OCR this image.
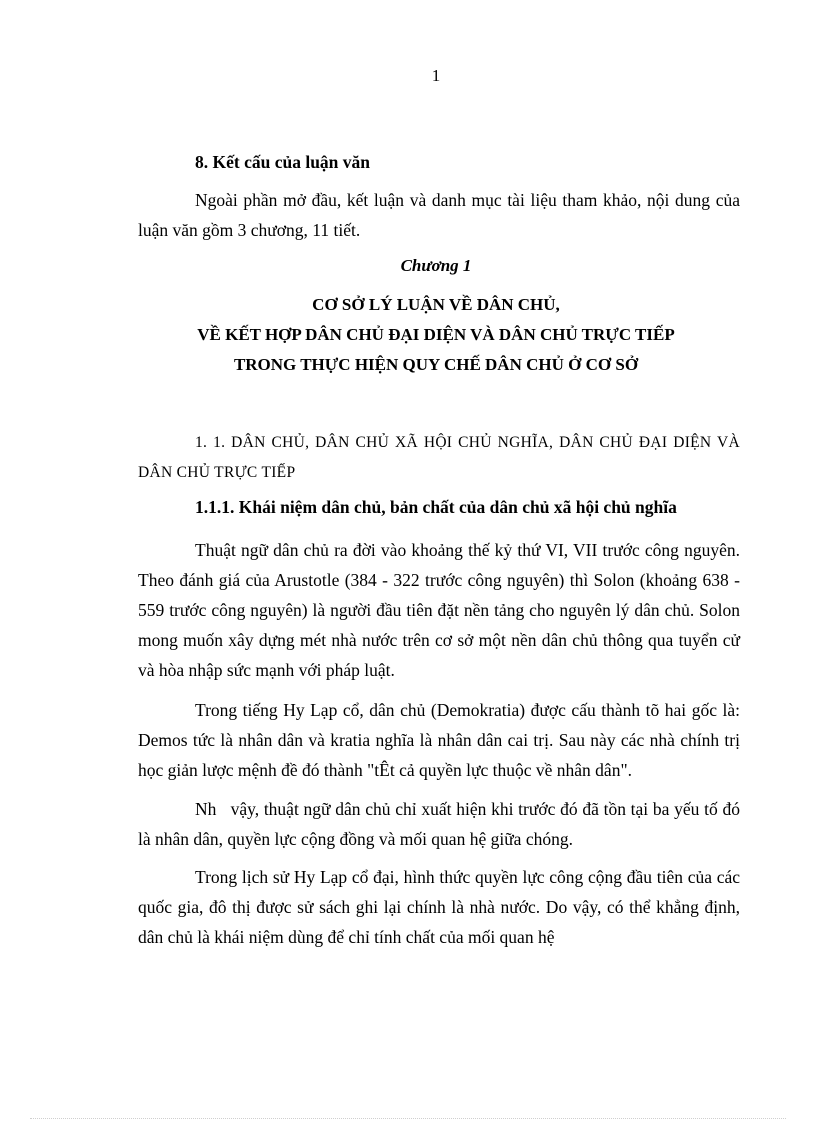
1
8. Kết cấu của luận văn
Ngoài phần mở đầu, kết luận và danh mục tài liệu tham khảo, nội dung của luận văn gồm 3 chương, 11 tiết.
Chương 1
CƠ SỞ LÝ LUẬN VỀ DÂN CHỦ,
VỀ KẾT HỢP DÂN CHỦ ĐẠI DIỆN VÀ DÂN CHỦ TRỰC TIẾP
TRONG THỰC HIỆN QUY CHẾ DÂN CHỦ Ở CƠ SỞ
1. 1. DÂN CHỦ, DÂN CHỦ XÃ HỘI CHỦ NGHĨA, DÂN CHỦ ĐẠI DIỆN VÀ DÂN CHỦ TRỰC TIẾP
1.1.1. Khái niệm dân chủ, bản chất của dân chủ xã hội chủ nghĩa
Thuật ngữ dân chủ ra đời vào khoảng thế kỷ thứ VI, VII trước công nguyên. Theo đánh giá của Arustotle (384 - 322 trước công nguyên) thì Solon (khoảng 638 - 559 trước công nguyên) là người đầu tiên đặt nền tảng cho nguyên lý dân chủ. Solon mong muốn xây dựng mét nhà nước trên cơ sở một nền dân chủ thông qua tuyển cử và hòa nhập sức mạnh với pháp luật.
Trong tiếng Hy Lạp cổ, dân chủ (Demokratia) được cấu thành tõ hai gốc là: Demos tức là nhân dân và kratia nghĩa là nhân dân cai trị. Sau này các nhà chính trị học giản lược mệnh đề đó thành "tÊt cả quyền lực thuộc về nhân dân".
Nh   vậy, thuật ngữ dân chủ chỉ xuất hiện khi trước đó đã tồn tại ba yếu tố đó là nhân dân, quyền lực cộng đồng và mối quan hệ giữa chóng.
Trong lịch sử Hy Lạp cổ đại, hình thức quyền lực công cộng đầu tiên của các quốc gia, đô thị được sử sách ghi lại chính là nhà nước. Do vậy, có thể khẳng định, dân chủ là khái niệm dùng để chỉ tính chất của mối quan hệ
